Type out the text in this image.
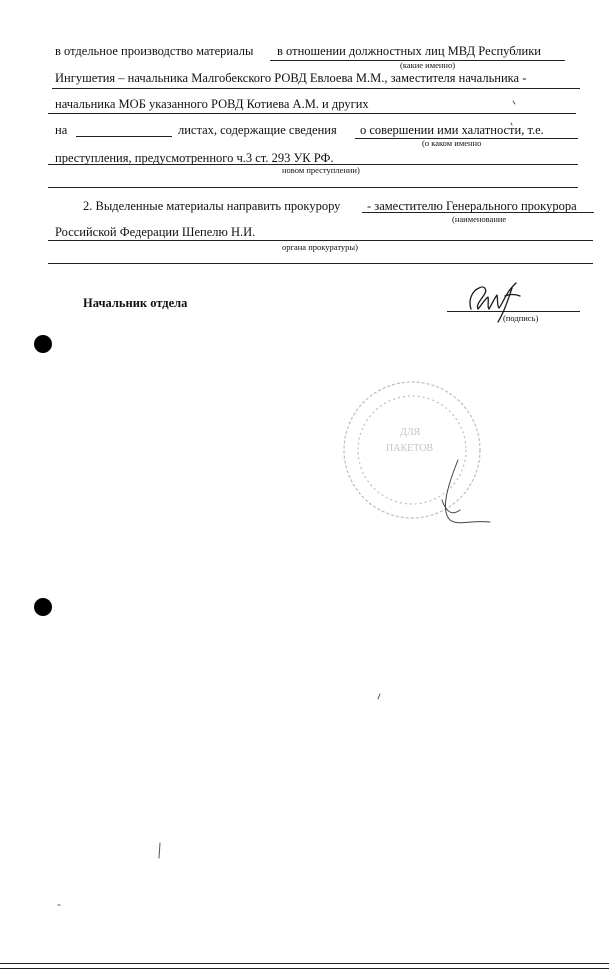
в отдельное производство материалы в отношении должностных лиц МВД Республики
(какие именно)
Ингушетия – начальника Малгобекского РОВД Евлоева М.М., заместителя начальника -
начальника МОБ указанного РОВД Котиева А.М. и других
на	листах, содержащие сведения о совершении ими халатности, т.е.
(о каком именно
преступления, предусмотренного ч.3 ст. 293 УК РФ.
новом преступлении)
2. Выделенные материалы направить прокурору - заместителю Генерального прокурора
(наименование
Российской Федерации Шепелю Н.И.
органа прокуратуры)
Начальник отдела
(подпись)
ДЛЯ
ПАКЕТОВ
